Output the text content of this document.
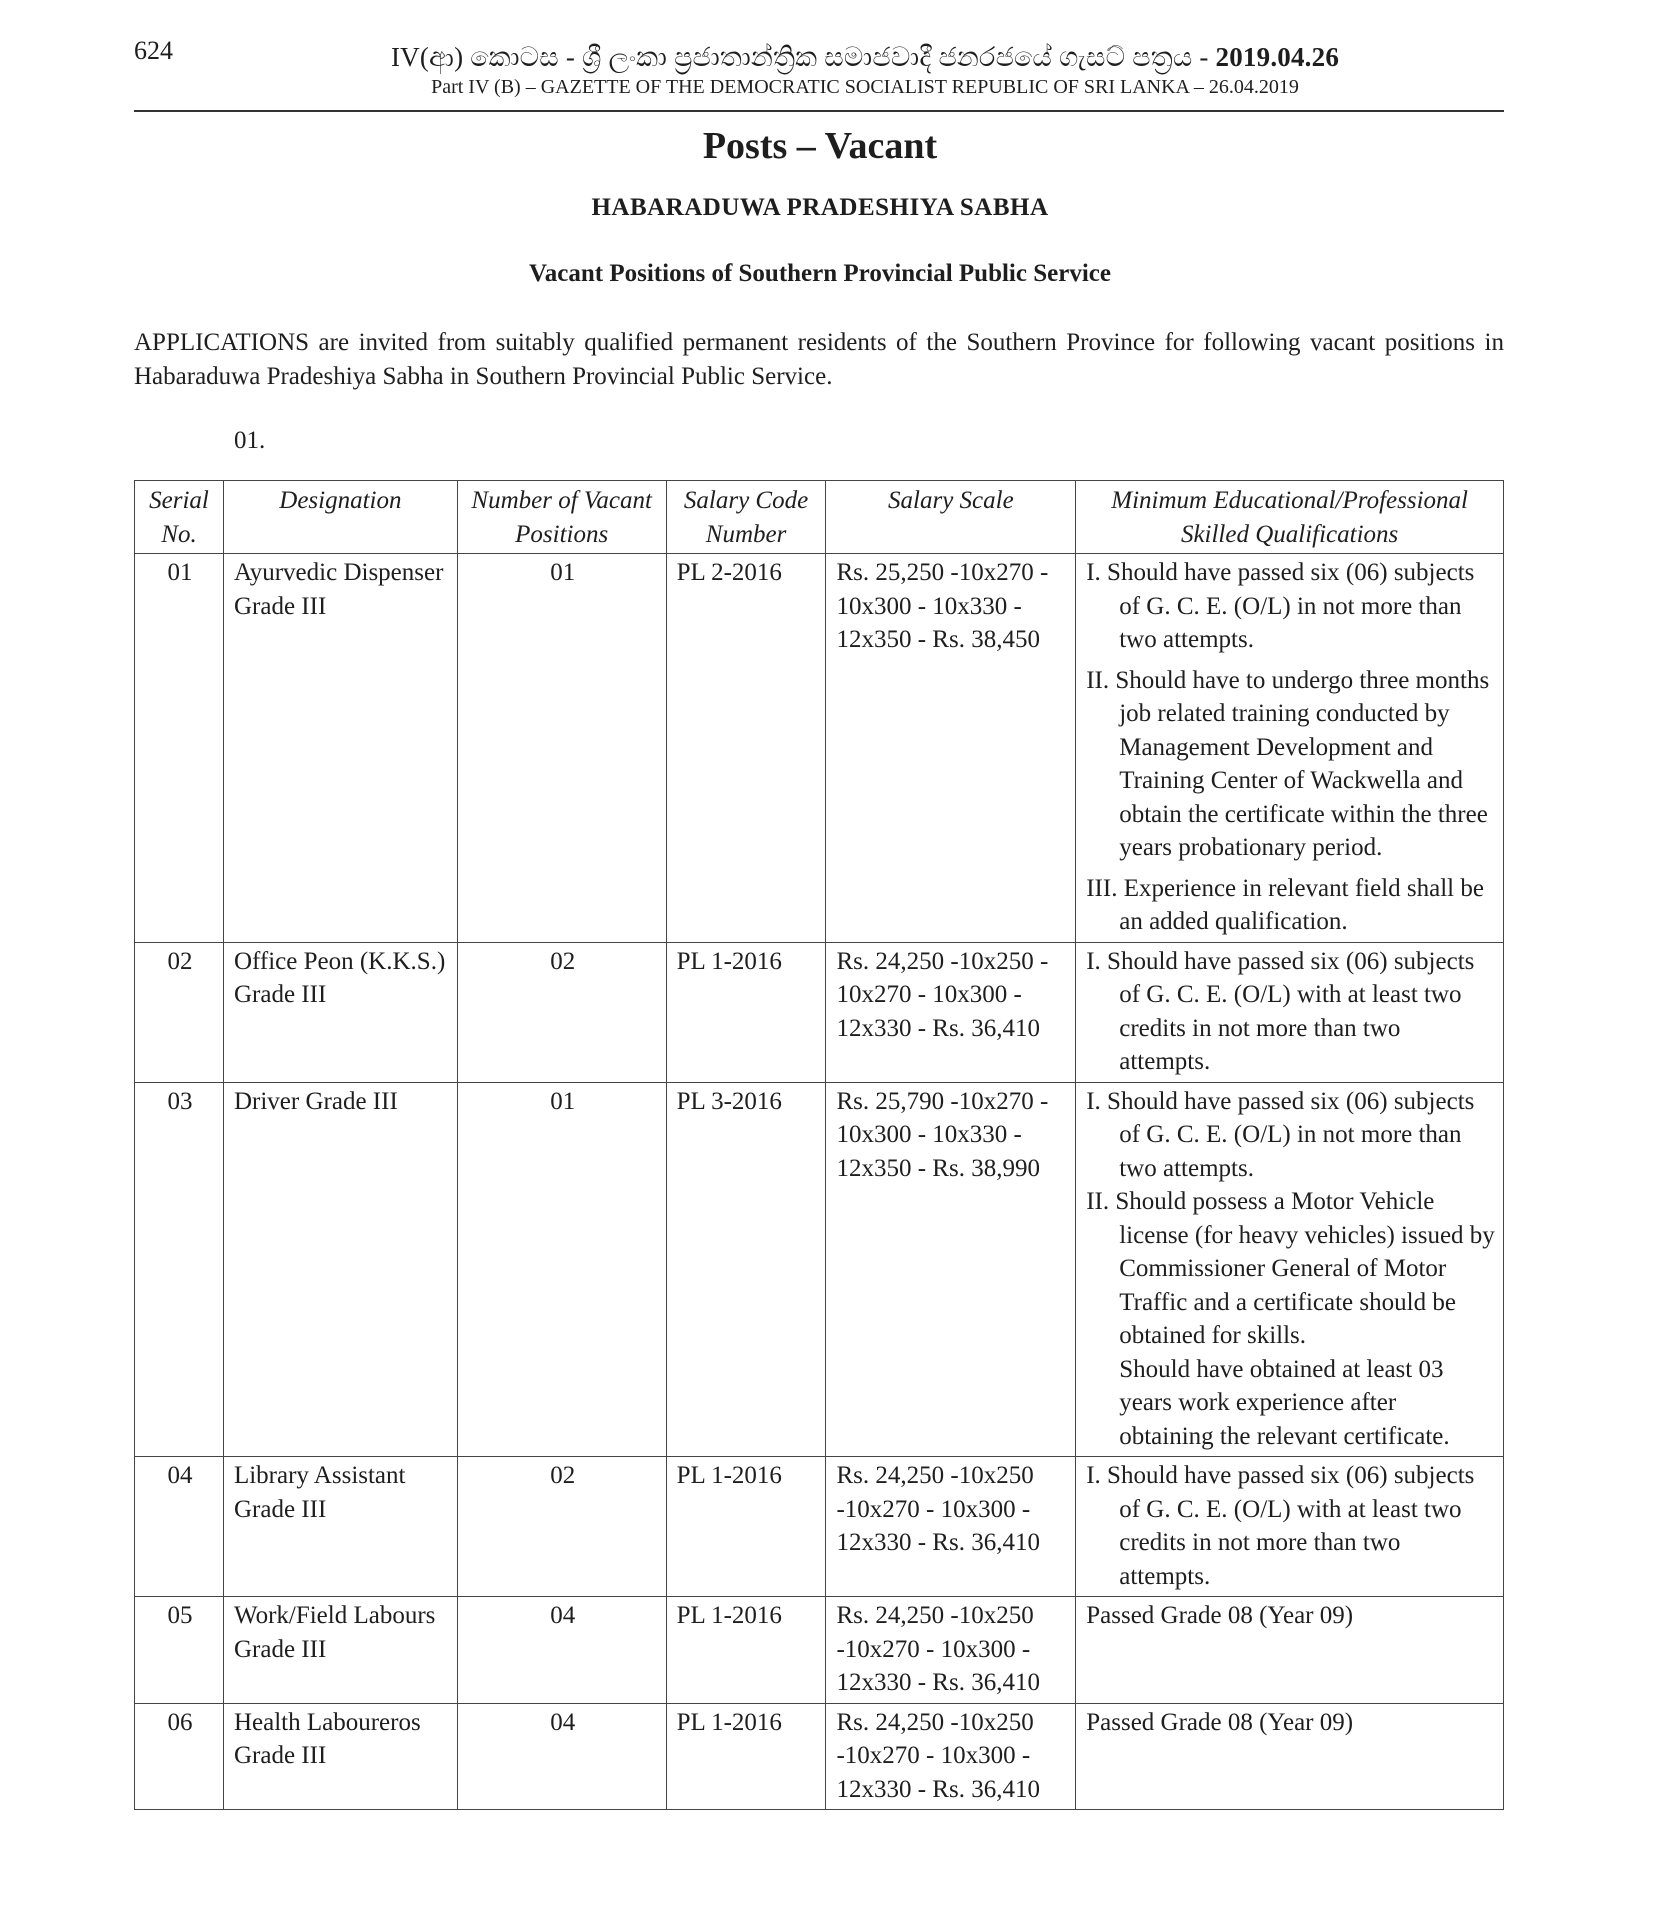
624	IV(ආ) කොටස - ශ්‍රී ලංකා ප්‍රජාතාන්ත්‍රික සමාජවාදී ජනරජයේ ගැසට් පත්‍රය - 2019.04.26
Part IV (B) – GAZETTE OF THE DEMOCRATIC SOCIALIST REPUBLIC OF SRI LANKA – 26.04.2019
Posts – Vacant
HABARADUWA PRADESHIYA SABHA
Vacant Positions of Southern Provincial Public Service
APPLICATIONS are invited from suitably qualified permanent residents of the Southern Province for following vacant positions in Habaraduwa Pradeshiya Sabha in Southern Provincial Public Service.
01.
Serial No.	Designation	Number of Vacant Positions	Salary Code Number	Salary Scale	Minimum Educational/Professional Skilled Qualifications
01	Ayurvedic Dispenser Grade III	01	PL 2-2016	Rs. 25,250 -10x270 - 10x300 - 10x330 - 12x350 - Rs. 38,450	I. Should have passed six (06) subjects of G. C. E. (O/L) in not more than two attempts.
II. Should have to undergo three months job related training conducted by Management Development and Training Center of Wackwella and obtain the certificate within the three years probationary period.
III. Experience in relevant field shall be an added qualification.

02	Office Peon (K.K.S.) Grade III	02	PL 1-2016	Rs. 24,250 -10x250 - 10x270 - 10x300 - 12x330 - Rs. 36,410	I. Should have passed six (06) subjects of G. C. E. (O/L) with at least two credits in not more than two attempts.

03	Driver Grade III	01	PL 3-2016	Rs. 25,790 -10x270 - 10x300 - 10x330 - 12x350 - Rs. 38,990	I. Should have passed six (06) subjects of G. C. E. (O/L) in not more than two attempts.
II. Should possess a Motor Vehicle license (for heavy vehicles) issued by Commissioner General of Motor Traffic and a certificate should be obtained for skills.
Should have obtained at least 03 years work experience after obtaining the relevant certificate.

04	Library Assistant Grade III	02	PL 1-2016	Rs. 24,250 -10x250 -10x270 - 10x300 - 12x330 - Rs. 36,410	I. Should have passed six (06) subjects of G. C. E. (O/L) with at least two credits in not more than two attempts.

05	Work/Field Labours Grade III	04	PL 1-2016	Rs. 24,250 -10x250 -10x270 - 10x300 - 12x330 - Rs. 36,410	Passed Grade 08 (Year 09)

06	Health Laboureros Grade III	04	PL 1-2016	Rs. 24,250 -10x250 -10x270 - 10x300 - 12x330 - Rs. 36,410	Passed Grade 08 (Year 09)
